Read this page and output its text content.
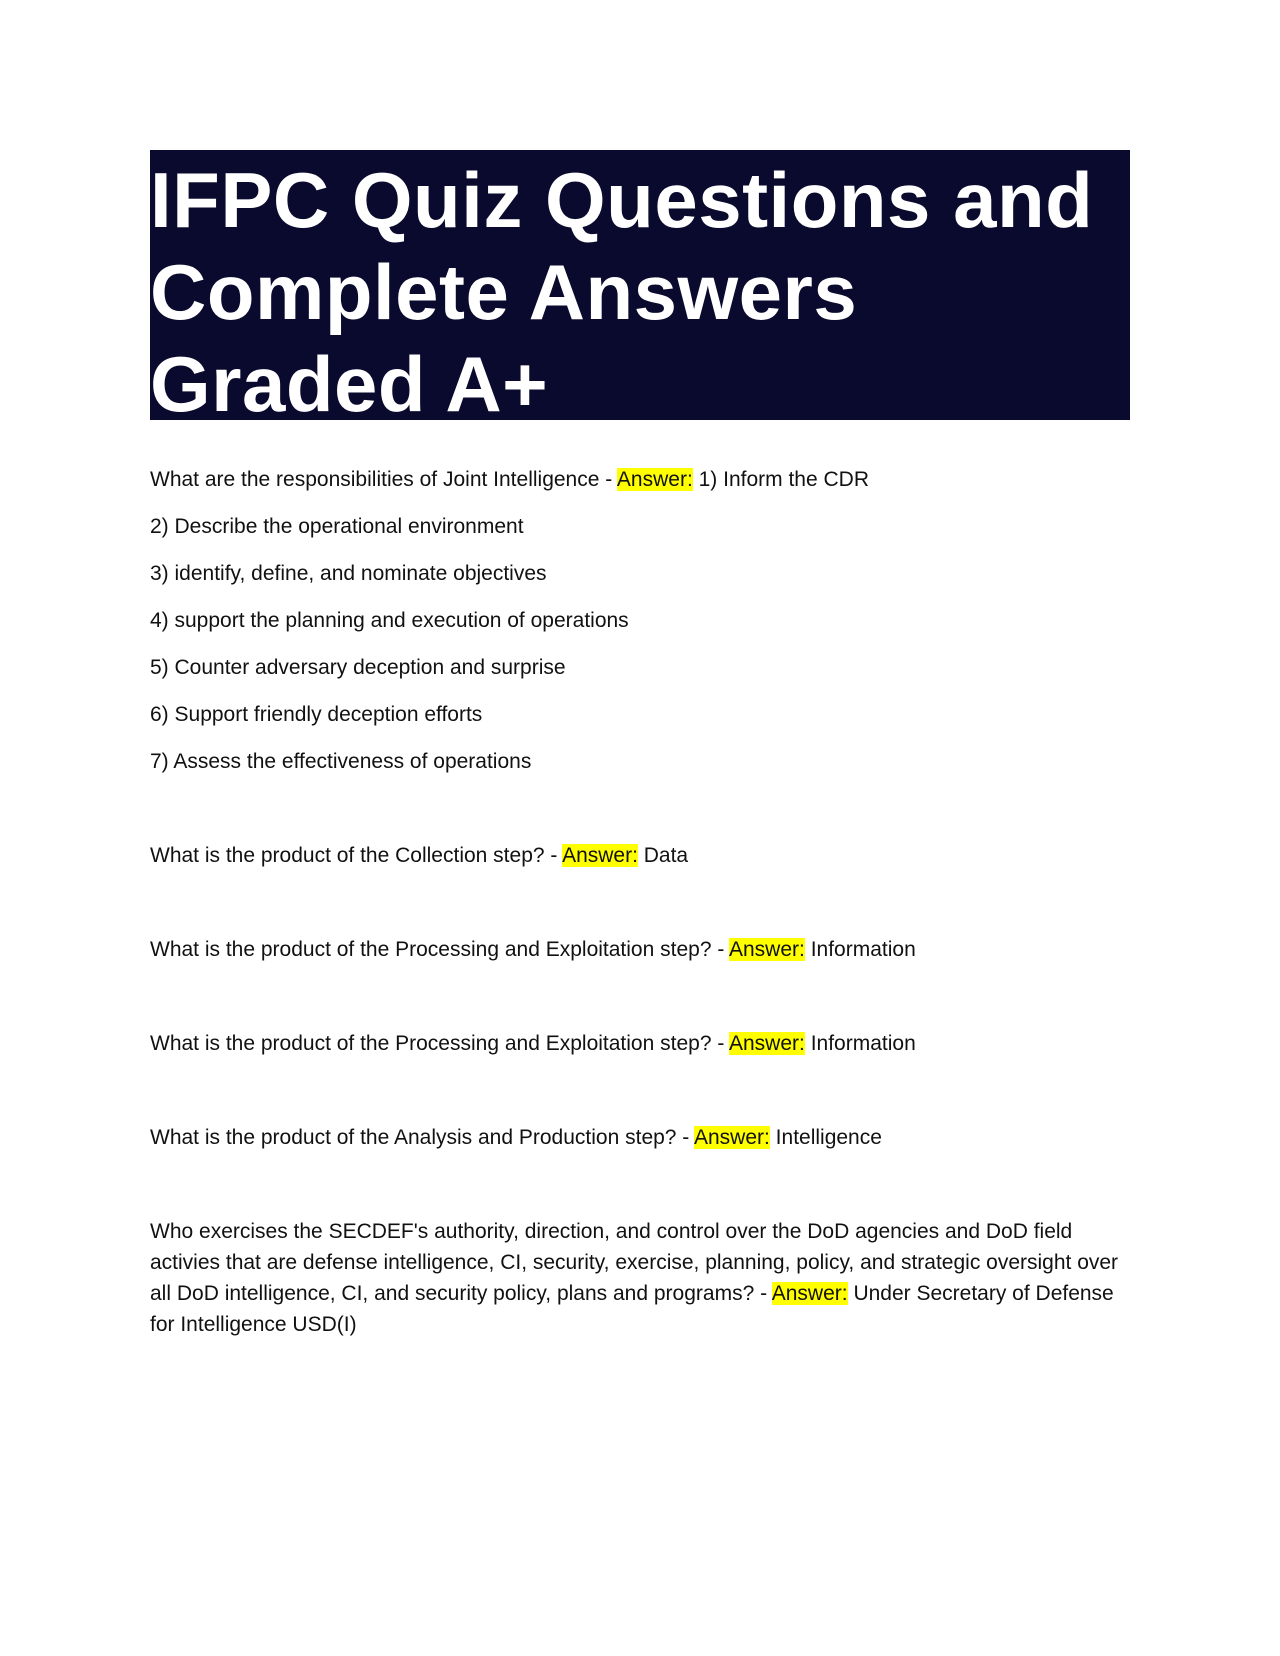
IFPC Quiz Questions and
Complete Answers
Graded A+

What are the responsibilities of Joint Intelligence - Answer: 1) Inform the CDR

2) Describe the operational environment

3) identify, define, and nominate objectives

4) support the planning and execution of operations

5) Counter adversary deception and surprise

6) Support friendly deception efforts

7) Assess the effectiveness of operations

What is the product of the Collection step? - Answer: Data

What is the product of the Processing and Exploitation step? - Answer: Information

What is the product of the Processing and Exploitation step? - Answer: Information

What is the product of the Analysis and Production step? - Answer: Intelligence

Who exercises the SECDEF's authority, direction, and control over the DoD agencies and DoD field activies that are defense intelligence, CI, security, exercise, planning, policy, and strategic oversight over all DoD intelligence, CI, and security policy, plans and programs? - Answer: Under Secretary of Defense for Intelligence USD(I)
